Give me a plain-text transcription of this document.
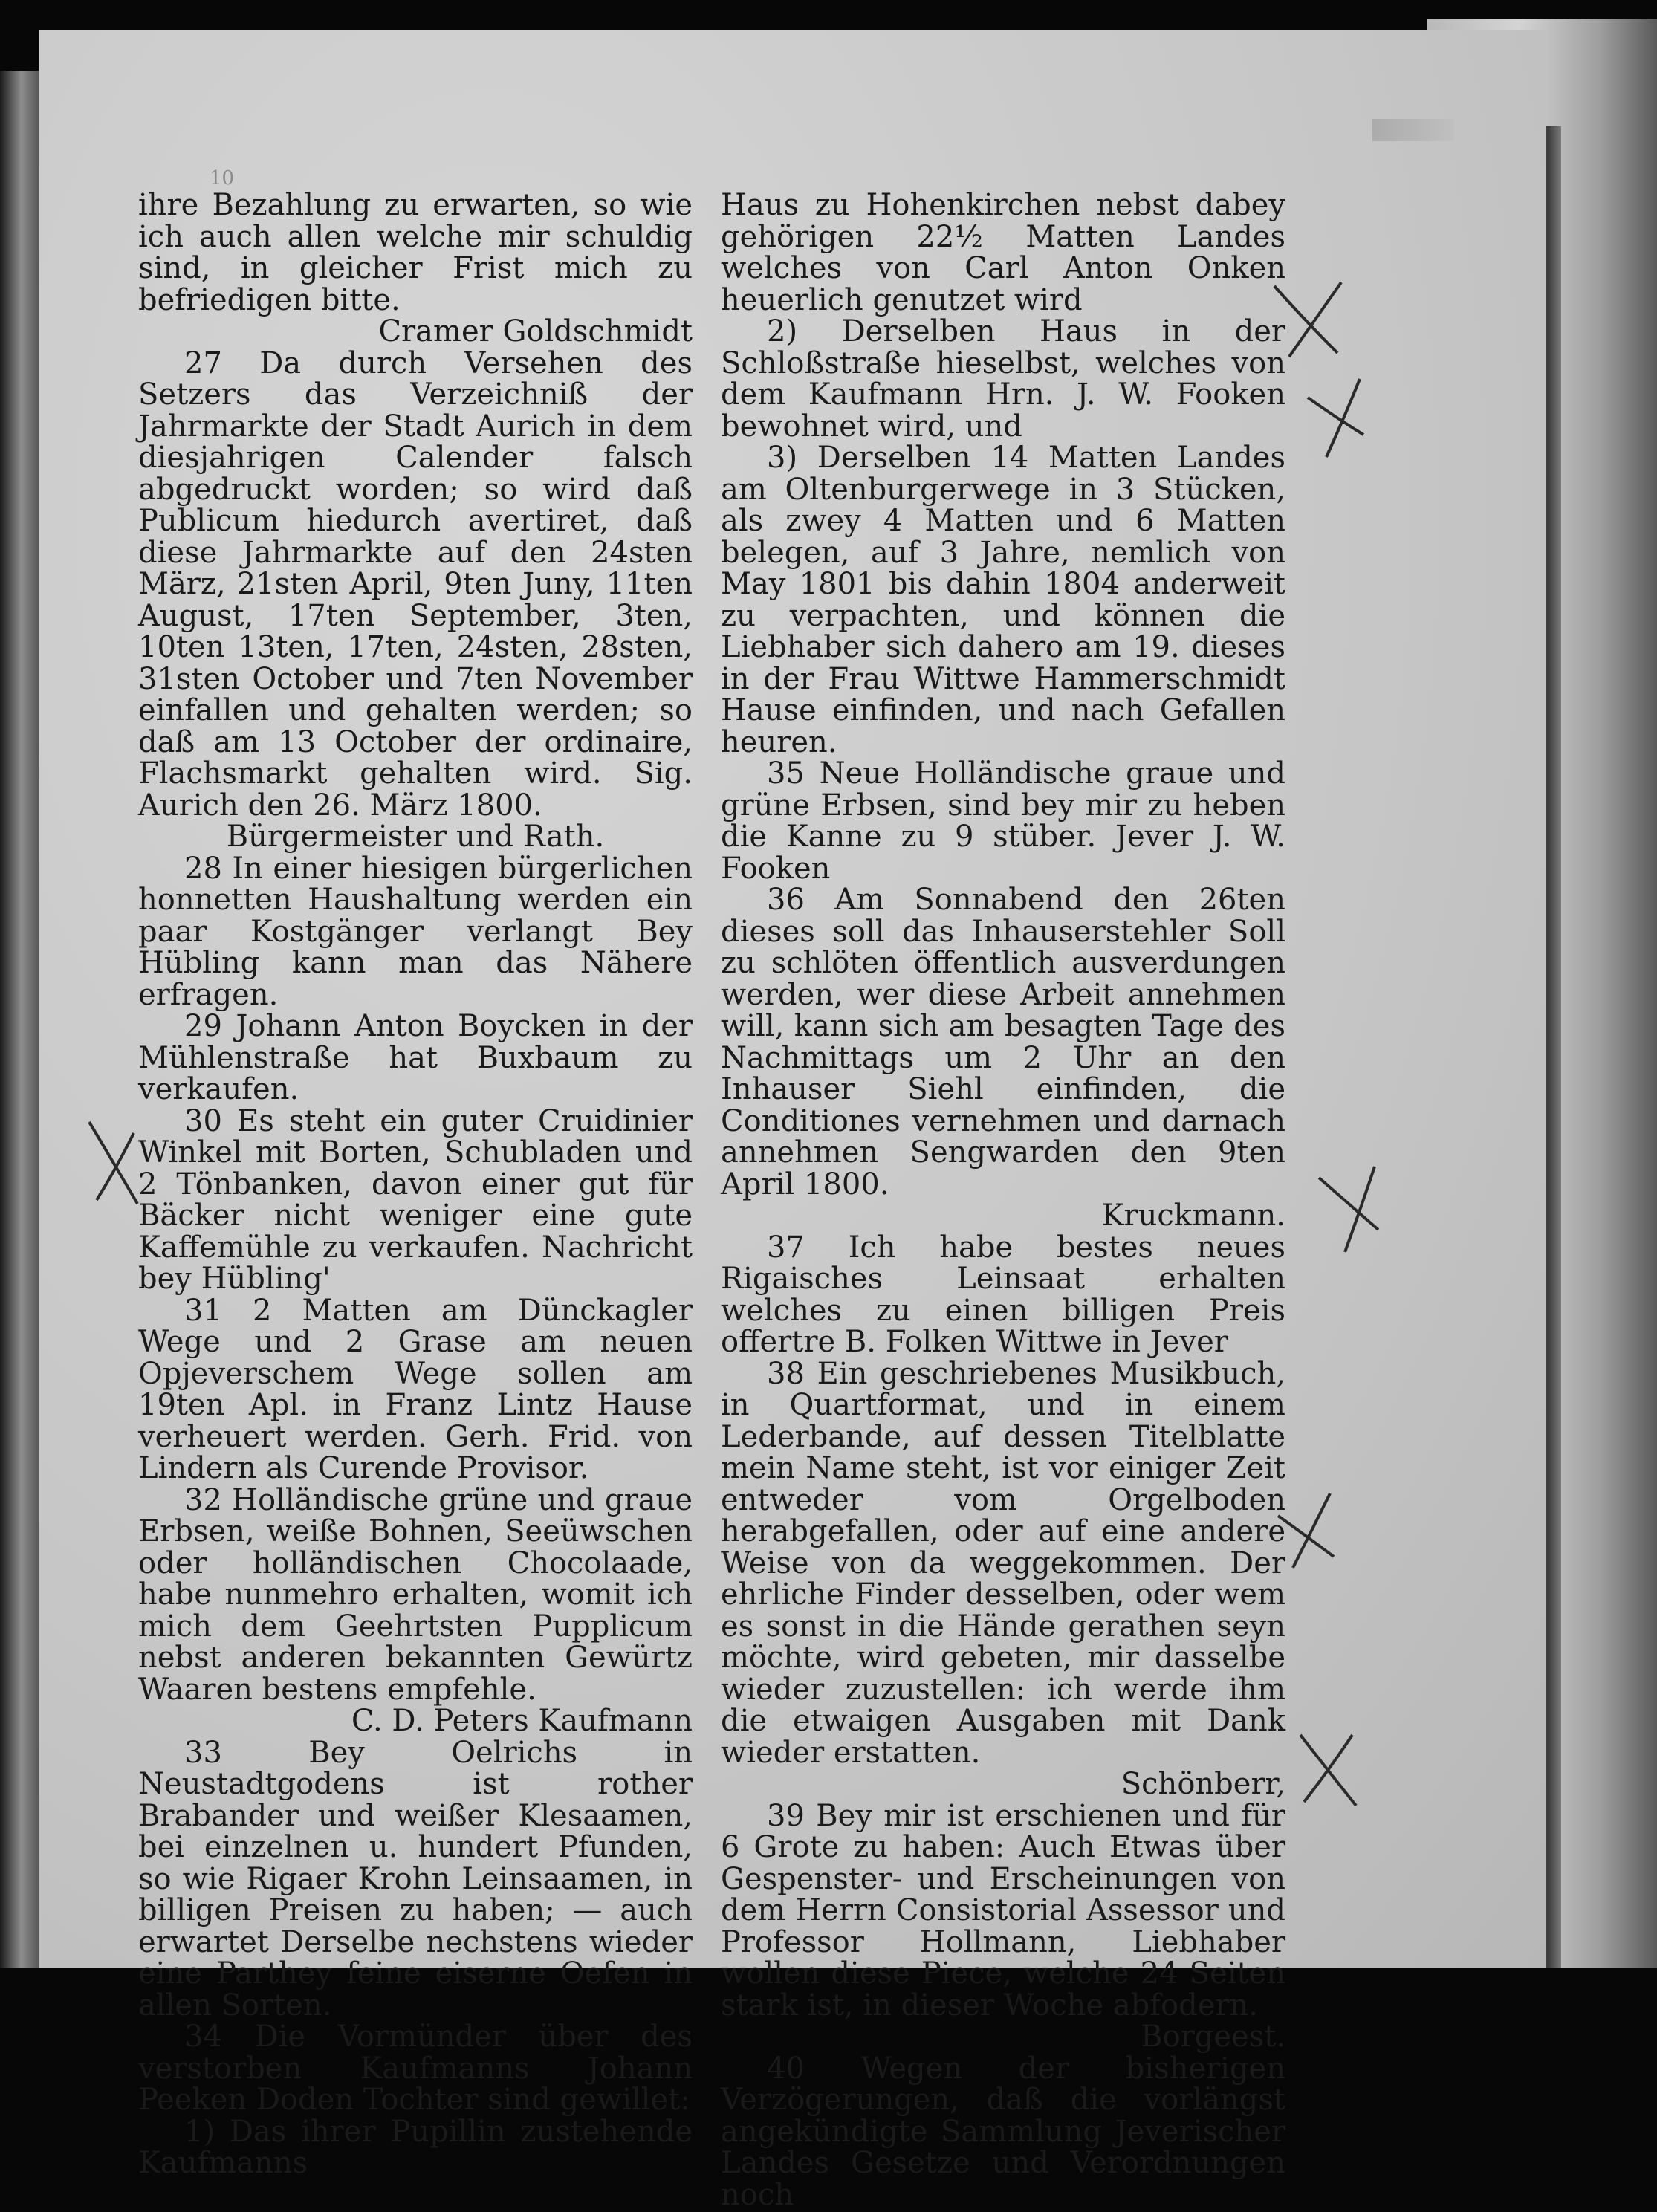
10

ihre Bezahlung zu erwarten, so wie ich auch allen welche mir schuldig sind, in gleicher Frist mich zu befriedigen bitte.

Cramer Goldschmidt

27 Da durch Versehen des Setzers das Verzeichniß der Jahrmarkte der Stadt Aurich in dem diesjahrigen Calender falsch abgedruckt worden; so wird daß Publicum hiedurch avertiret, daß diese Jahrmarkte auf den 24sten März, 21sten April, 9ten Juny, 11ten August, 17ten September, 3ten, 10ten 13ten, 17ten, 24sten, 28sten, 31sten October und 7ten November einfallen und gehalten werden; so daß am 13 October der ordinaire, Flachsmarkt gehalten wird. Sig. Aurich den 26. März 1800.

Bürgermeister und Rath.

28 In einer hiesigen bürgerlichen honnetten Haushaltung werden ein paar Kostgänger verlangt Bey Hübling kann man das Nähere erfragen.

29 Johann Anton Boycken in der Mühlenstraße hat Buxbaum zu verkaufen.

30 Es steht ein guter Cruidinier Winkel mit Borten, Schubladen und 2 Tönbanken, davon einer gut für Bäcker nicht weniger eine gute Kaffemühle zu verkaufen. Nachricht bey Hübling'

31 2 Matten am Dünckagler Wege und 2 Grase am neuen Opjeverschem Wege sollen am 19ten Apl. in Franz Lintz Hause verheuert werden. Gerh. Frid. von Lindern als Curende Provisor.

32 Holländische grüne und graue Erbsen, weiße Bohnen, Seeüwschen oder holländischen Chocolaade, habe nunmehro erhalten, womit ich mich dem Geehrtsten Pupplicum nebst anderen bekannten Gewürtz Waaren bestens empfehle.

C. D. Peters Kaufmann

33 Bey Oelrichs in Neustadtgodens ist rother Brabander und weißer Klesaamen, bei einzelnen u. hundert Pfunden, so wie Rigaer Krohn Leinsaamen, in billigen Preisen zu haben; — auch erwartet Derselbe nechstens wieder eine Parthey feine eiserne Oefen in allen Sorten.

34 Die Vormünder über des verstorben Kaufmanns Johann Peeken Doden Tochter sind gewillet:

1) Das ihrer Pupillin zustehende Kaufmanns

Haus zu Hohenkirchen nebst dabey gehörigen 22½ Matten Landes welches von Carl Anton Onken heuerlich genutzet wird

2) Derselben Haus in der Schloßstraße hieselbst, welches von dem Kaufmann Hrn. J. W. Fooken bewohnet wird, und

3) Derselben 14 Matten Landes am Oltenburgerwege in 3 Stücken, als zwey 4 Matten und 6 Matten belegen, auf 3 Jahre, nemlich von May 1801 bis dahin 1804 anderweit zu verpachten, und können die Liebhaber sich dahero am 19. dieses in der Frau Wittwe Hammerschmidt Hause einfinden, und nach Gefallen heuren.

35 Neue Holländische graue und grüne Erbsen, sind bey mir zu heben die Kanne zu 9 stüber. Jever J. W. Fooken

36 Am Sonnabend den 26ten dieses soll das Inhauserstehler Soll zu schlöten öffentlich ausverdungen werden, wer diese Arbeit annehmen will, kann sich am besagten Tage des Nachmittags um 2 Uhr an den Inhauser Siehl einfinden, die Conditiones vernehmen und darnach annehmen Sengwarden den 9ten April 1800.

Kruckmann.

37 Ich habe bestes neues Rigaisches Leinsaat erhalten welches zu einen billigen Preis offertre B. Folken Wittwe in Jever

38 Ein geschriebenes Musikbuch, in Quartformat, und in einem Lederbande, auf dessen Titelblatte mein Name steht, ist vor einiger Zeit entweder vom Orgelboden herabgefallen, oder auf eine andere Weise von da weggekommen. Der ehrliche Finder desselben, oder wem es sonst in die Hände gerathen seyn möchte, wird gebeten, mir dasselbe wieder zuzustellen: ich werde ihm die etwaigen Ausgaben mit Dank wieder erstatten.

Schönberr,

39 Bey mir ist erschienen und für 6 Grote zu haben: Auch Etwas über Gespenster- und Erscheinungen von dem Herrn Consistorial Assessor und Professor Hollmann, Liebhaber wollen diese Piece, welche 24 Seiten stark ist, in dieser Woche abfodern.

Borgeest.

40 Wegen der bisherigen Verzögerungen, daß die vorlängst angekündigte Sammlung Jeverischer Landes Gesetze und Verordnungen noch
